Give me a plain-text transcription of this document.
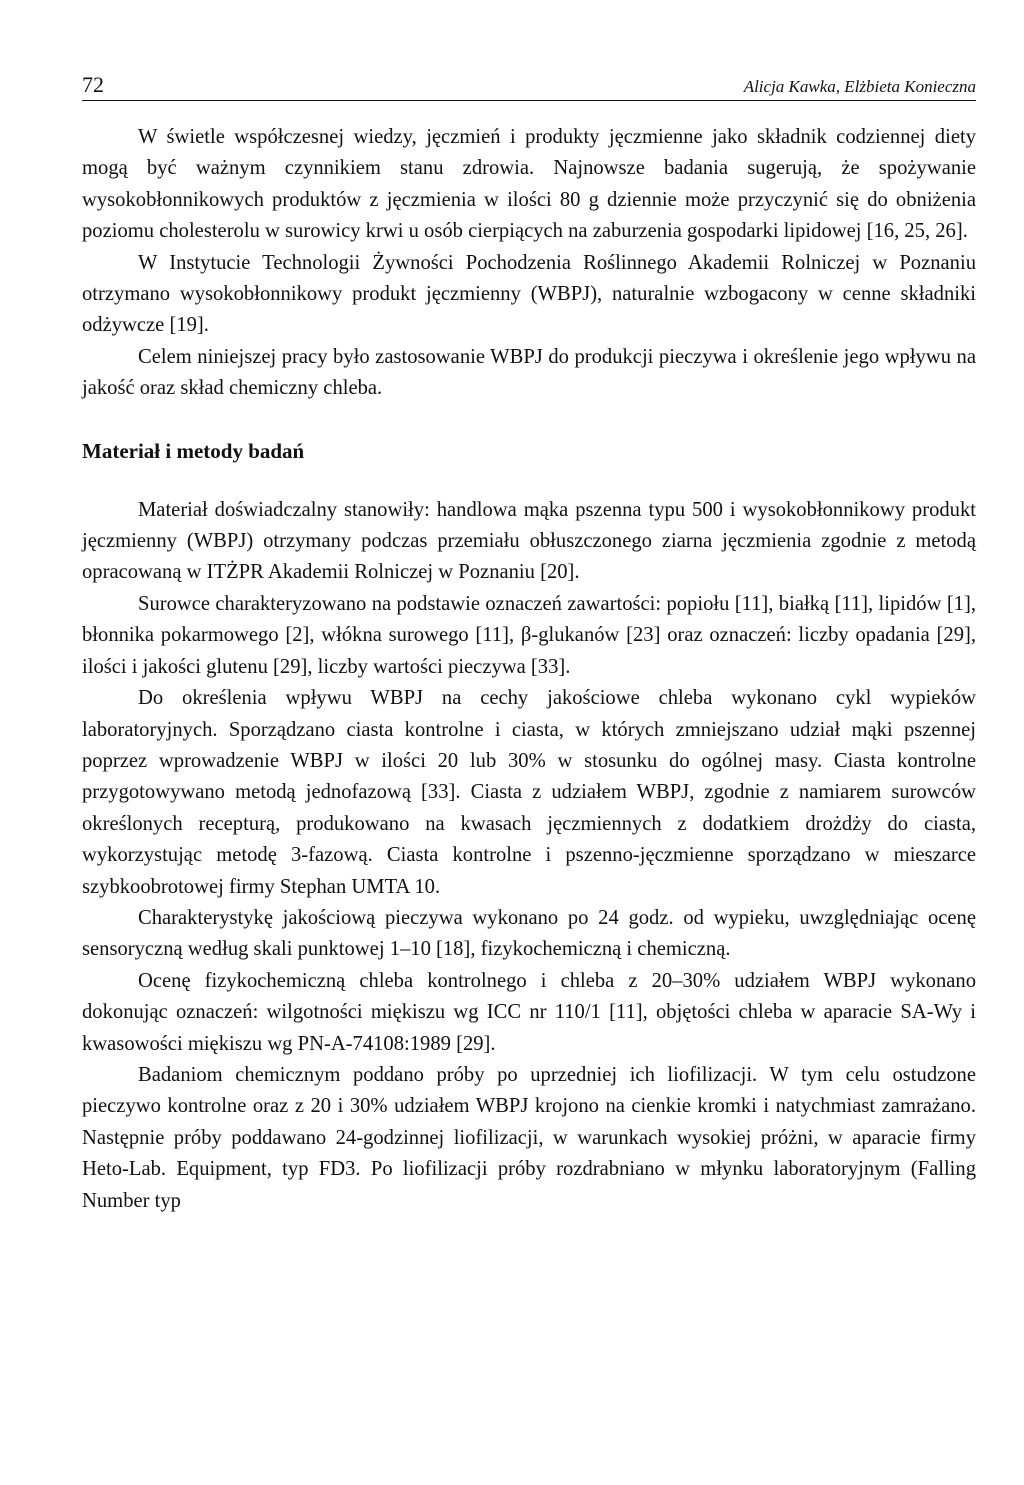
72	Alicja Kawka, Elżbieta Konieczna

W świetle współczesnej wiedzy, jęczmień i produkty jęczmienne jako składnik codziennej diety mogą być ważnym czynnikiem stanu zdrowia. Najnowsze badania sugerują, że spożywanie wysokobłonnikowych produktów z jęczmienia w ilości 80 g dziennie może przyczynić się do obniżenia poziomu cholesterolu w surowicy krwi u osób cierpiących na zaburzenia gospodarki lipidowej [16, 25, 26].

W Instytucie Technologii Żywności Pochodzenia Roślinnego Akademii Rolniczej w Poznaniu otrzymano wysokobłonnikowy produkt jęczmienny (WBPJ), naturalnie wzbogacony w cenne składniki odżywcze [19].

Celem niniejszej pracy było zastosowanie WBPJ do produkcji pieczywa i określenie jego wpływu na jakość oraz skład chemiczny chleba.

Materiał i metody badań

Materiał doświadczalny stanowiły: handlowa mąka pszenna typu 500 i wysokobłonnikowy produkt jęczmienny (WBPJ) otrzymany podczas przemiału obłuszczonego ziarna jęczmienia zgodnie z metodą opracowaną w ITŻPR Akademii Rolniczej w Poznaniu [20].

Surowce charakteryzowano na podstawie oznaczeń zawartości: popiołu [11], białką [11], lipidów [1], błonnika pokarmowego [2], włókna surowego [11], β-glukanów [23] oraz oznaczeń: liczby opadania [29], ilości i jakości glutenu [29], liczby wartości pieczywa [33].

Do określenia wpływu WBPJ na cechy jakościowe chleba wykonano cykl wypieków laboratoryjnych. Sporządzano ciasta kontrolne i ciasta, w których zmniejszano udział mąki pszennej poprzez wprowadzenie WBPJ w ilości 20 lub 30% w stosunku do ogólnej masy. Ciasta kontrolne przygotowywano metodą jednofazową [33]. Ciasta z udziałem WBPJ, zgodnie z namiarem surowców określonych recepturą, produkowano na kwasach jęczmiennych z dodatkiem drożdży do ciasta, wykorzystując metodę 3-fazową. Ciasta kontrolne i pszenno-jęczmienne sporządzano w mieszarce szybkoobrotowej firmy Stephan UMTA 10.

Charakterystykę jakościową pieczywa wykonano po 24 godz. od wypieku, uwzględniając ocenę sensoryczną według skali punktowej 1–10 [18], fizykochemiczną i chemiczną.

Ocenę fizykochemiczną chleba kontrolnego i chleba z 20–30% udziałem WBPJ wykonano dokonując oznaczeń: wilgotności miękiszu wg ICC nr 110/1 [11], objętości chleba w aparacie SA-Wy i kwasowości miękiszu wg PN-A-74108:1989 [29].

Badaniom chemicznym poddano próby po uprzedniej ich liofilizacji. W tym celu ostudzone pieczywo kontrolne oraz z 20 i 30% udziałem WBPJ krojono na cienkie kromki i natychmiast zamrażano. Następnie próby poddawano 24-godzinnej liofilizacji, w warunkach wysokiej próżni, w aparacie firmy Heto-Lab. Equipment, typ FD3. Po liofilizacji próby rozdrabniano w młynku laboratoryjnym (Falling Number typ
